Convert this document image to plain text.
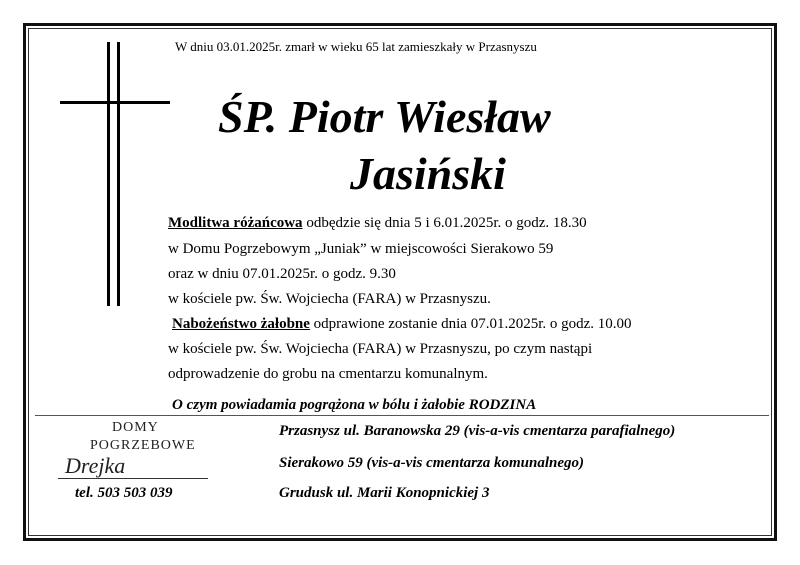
W dniu 03.01.2025r. zmarł w wieku 65 lat zamieszkały w Przasnyszu
ŚP. Piotr Wiesław
Jasiński
Modlitwa różańcowa odbędzie się dnia 5 i 6.01.2025r. o godz. 18.30
w Domu Pogrzebowym „Juniak” w miejscowości Sierakowo 59
oraz w dniu 07.01.2025r. o godz. 9.30
w kościele pw. Św. Wojciecha (FARA) w Przasnyszu.
Nabożeństwo żałobne odprawione zostanie dnia 07.01.2025r. o godz. 10.00
w kościele pw. Św. Wojciecha (FARA) w Przasnyszu, po czym nastąpi
odprowadzenie do grobu na cmentarzu komunalnym.
O czym powiadamia pogrążona w bólu i żałobie RODZINA
DOMY
POGRZEBOWE
Drejka
tel. 503 503 039
Przasnysz ul. Baranowska 29 (vis-a-vis cmentarza parafialnego)
Sierakowo 59 (vis-a-vis cmentarza komunalnego)
Grudusk ul. Marii Konopnickiej 3
